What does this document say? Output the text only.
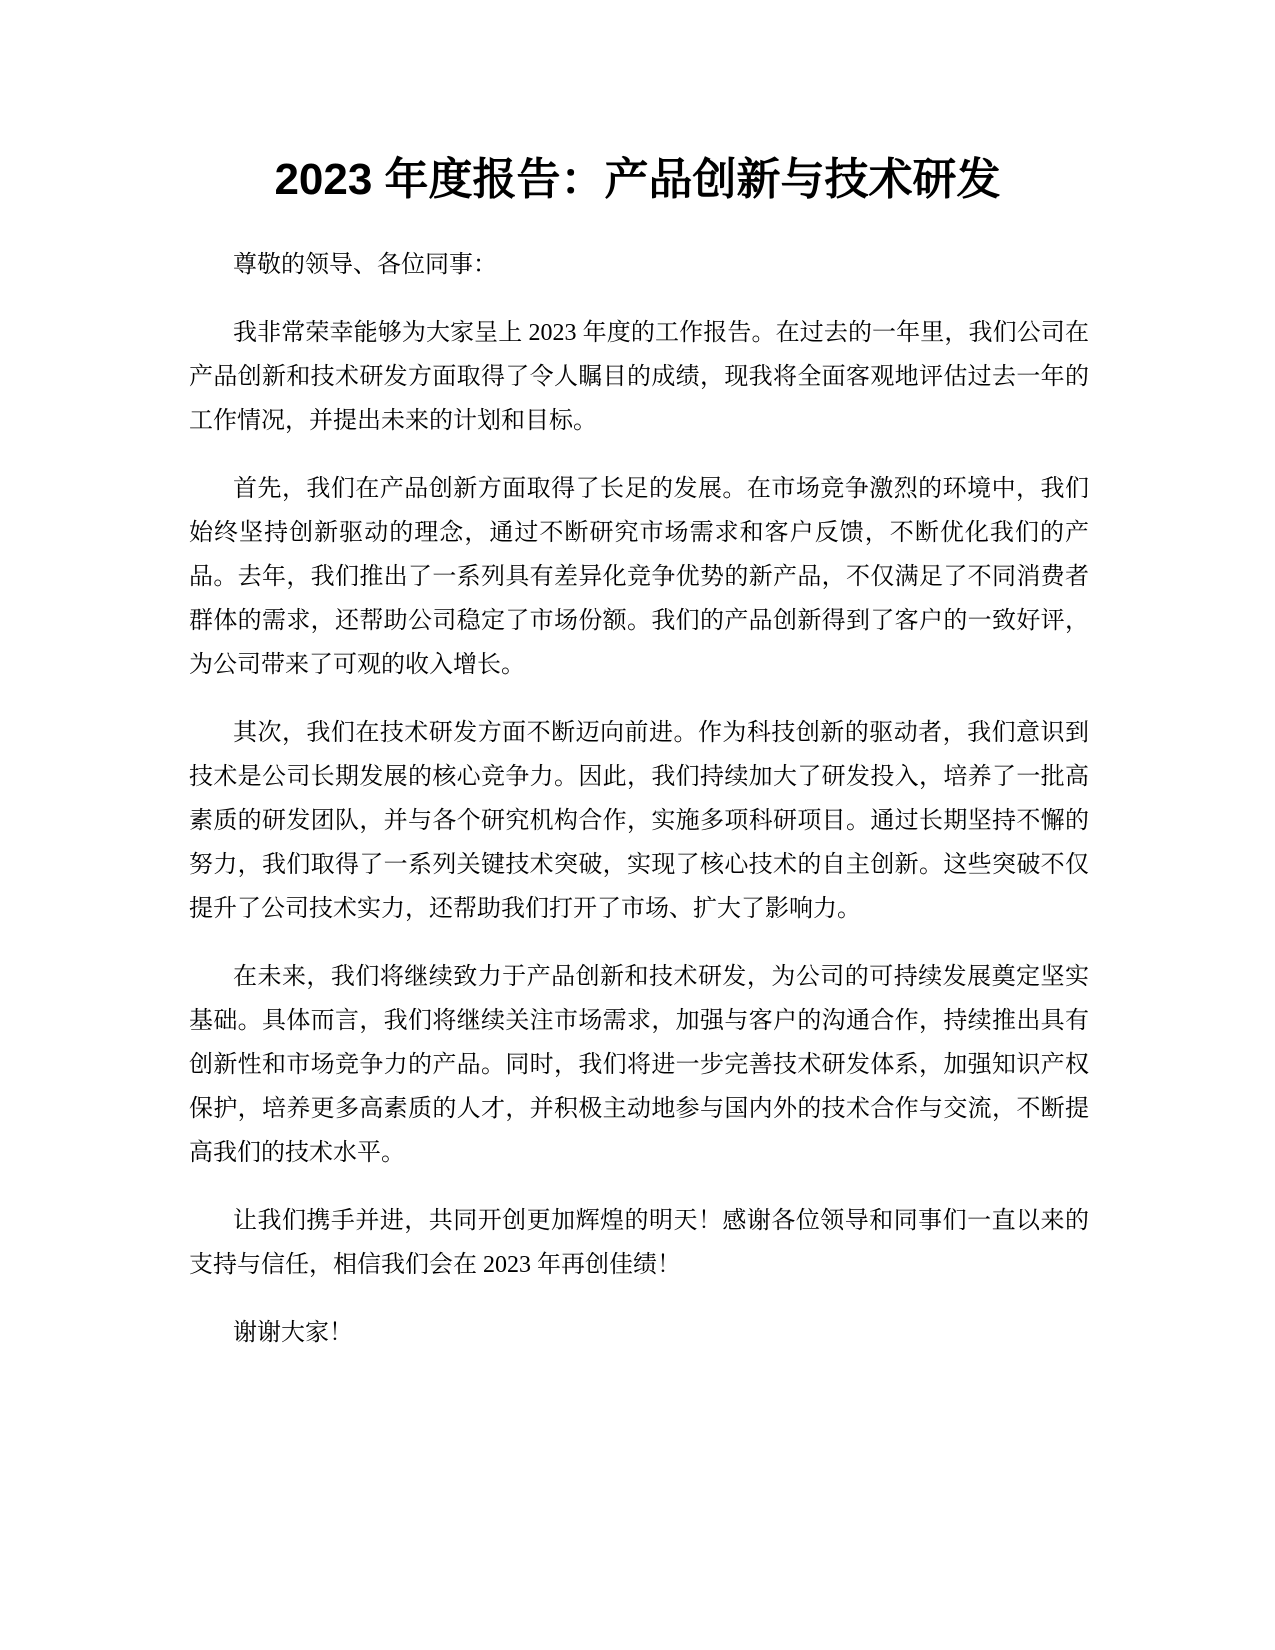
2023 年度报告：产品创新与技术研发

尊敬的领导、各位同事：

我非常荣幸能够为大家呈上 2023 年度的工作报告。在过去的一年里，我们公司在产品创新和技术研发方面取得了令人瞩目的成绩，现我将全面客观地评估过去一年的工作情况，并提出未来的计划和目标。

首先，我们在产品创新方面取得了长足的发展。在市场竞争激烈的环境中，我们始终坚持创新驱动的理念，通过不断研究市场需求和客户反馈，不断优化我们的产品。去年，我们推出了一系列具有差异化竞争优势的新产品，不仅满足了不同消费者群体的需求，还帮助公司稳定了市场份额。我们的产品创新得到了客户的一致好评，为公司带来了可观的收入增长。

其次，我们在技术研发方面不断迈向前进。作为科技创新的驱动者，我们意识到技术是公司长期发展的核心竞争力。因此，我们持续加大了研发投入，培养了一批高素质的研发团队，并与各个研究机构合作，实施多项科研项目。通过长期坚持不懈的努力，我们取得了一系列关键技术突破，实现了核心技术的自主创新。这些突破不仅提升了公司技术实力，还帮助我们打开了市场、扩大了影响力。

在未来，我们将继续致力于产品创新和技术研发，为公司的可持续发展奠定坚实基础。具体而言，我们将继续关注市场需求，加强与客户的沟通合作，持续推出具有创新性和市场竞争力的产品。同时，我们将进一步完善技术研发体系，加强知识产权保护，培养更多高素质的人才，并积极主动地参与国内外的技术合作与交流，不断提高我们的技术水平。

让我们携手并进，共同开创更加辉煌的明天！感谢各位领导和同事们一直以来的支持与信任，相信我们会在 2023 年再创佳绩！

谢谢大家！
